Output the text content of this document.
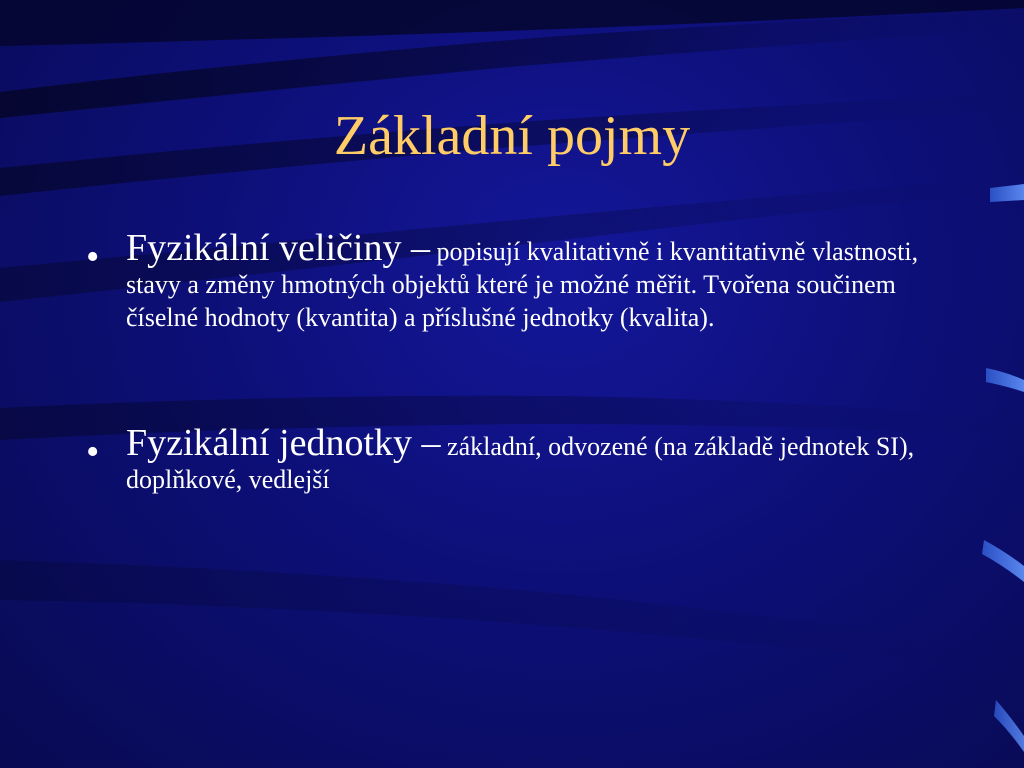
Základní pojmy
• Fyzikální veličiny – popisují kvalitativně i kvantitativně vlastnosti, stavy a změny hmotných objektů které je možné měřit. Tvořena součinem číselné hodnoty (kvantita) a příslušné jednotky (kvalita).
• Fyzikální jednotky – základní, odvozené (na základě jednotek SI), doplňkové, vedlejší
